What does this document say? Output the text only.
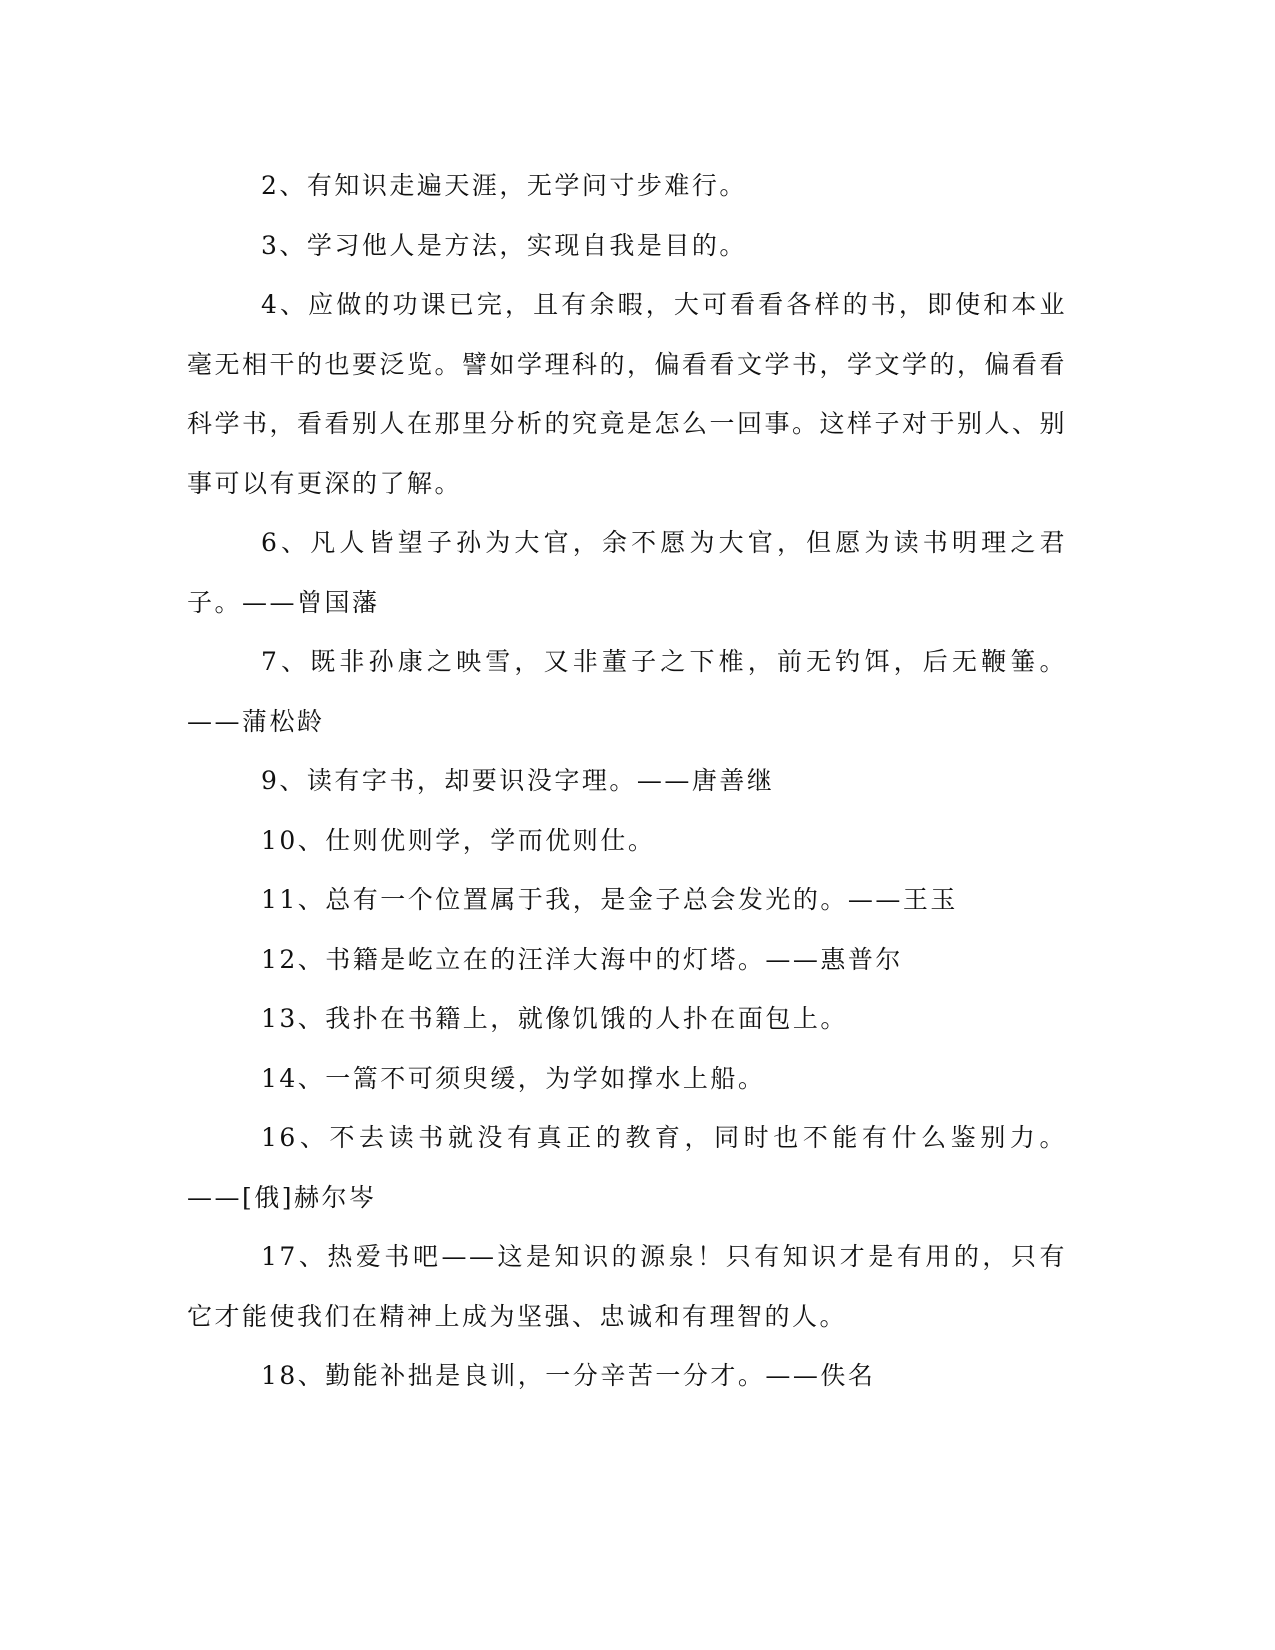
2、有知识走遍天涯，无学问寸步难行。

3、学习他人是方法，实现自我是目的。

4、应做的功课已完，且有余暇，大可看看各样的书，即使和本业毫无相干的也要泛览。譬如学理科的，偏看看文学书，学文学的，偏看看科学书，看看别人在那里分析的究竟是怎么一回事。这样子对于别人、别事可以有更深的了解。

6、凡人皆望子孙为大官，余不愿为大官，但愿为读书明理之君子。——曾国藩

7、既非孙康之映雪，又非董子之下椎，前无钓饵，后无鞭箠。——蒲松龄

9、读有字书，却要识没字理。——唐善继

10、仕则优则学，学而优则仕。

11、总有一个位置属于我，是金子总会发光的。——王玉

12、书籍是屹立在的汪洋大海中的灯塔。——惠普尔

13、我扑在书籍上，就像饥饿的人扑在面包上。

14、一篙不可须臾缓，为学如撑水上船。

16、不去读书就没有真正的教育，同时也不能有什么鉴别力。——[俄]赫尔岑

17、热爱书吧——这是知识的源泉！只有知识才是有用的，只有它才能使我们在精神上成为坚强、忠诚和有理智的人。

18、勤能补拙是良训，一分辛苦一分才。——佚名
